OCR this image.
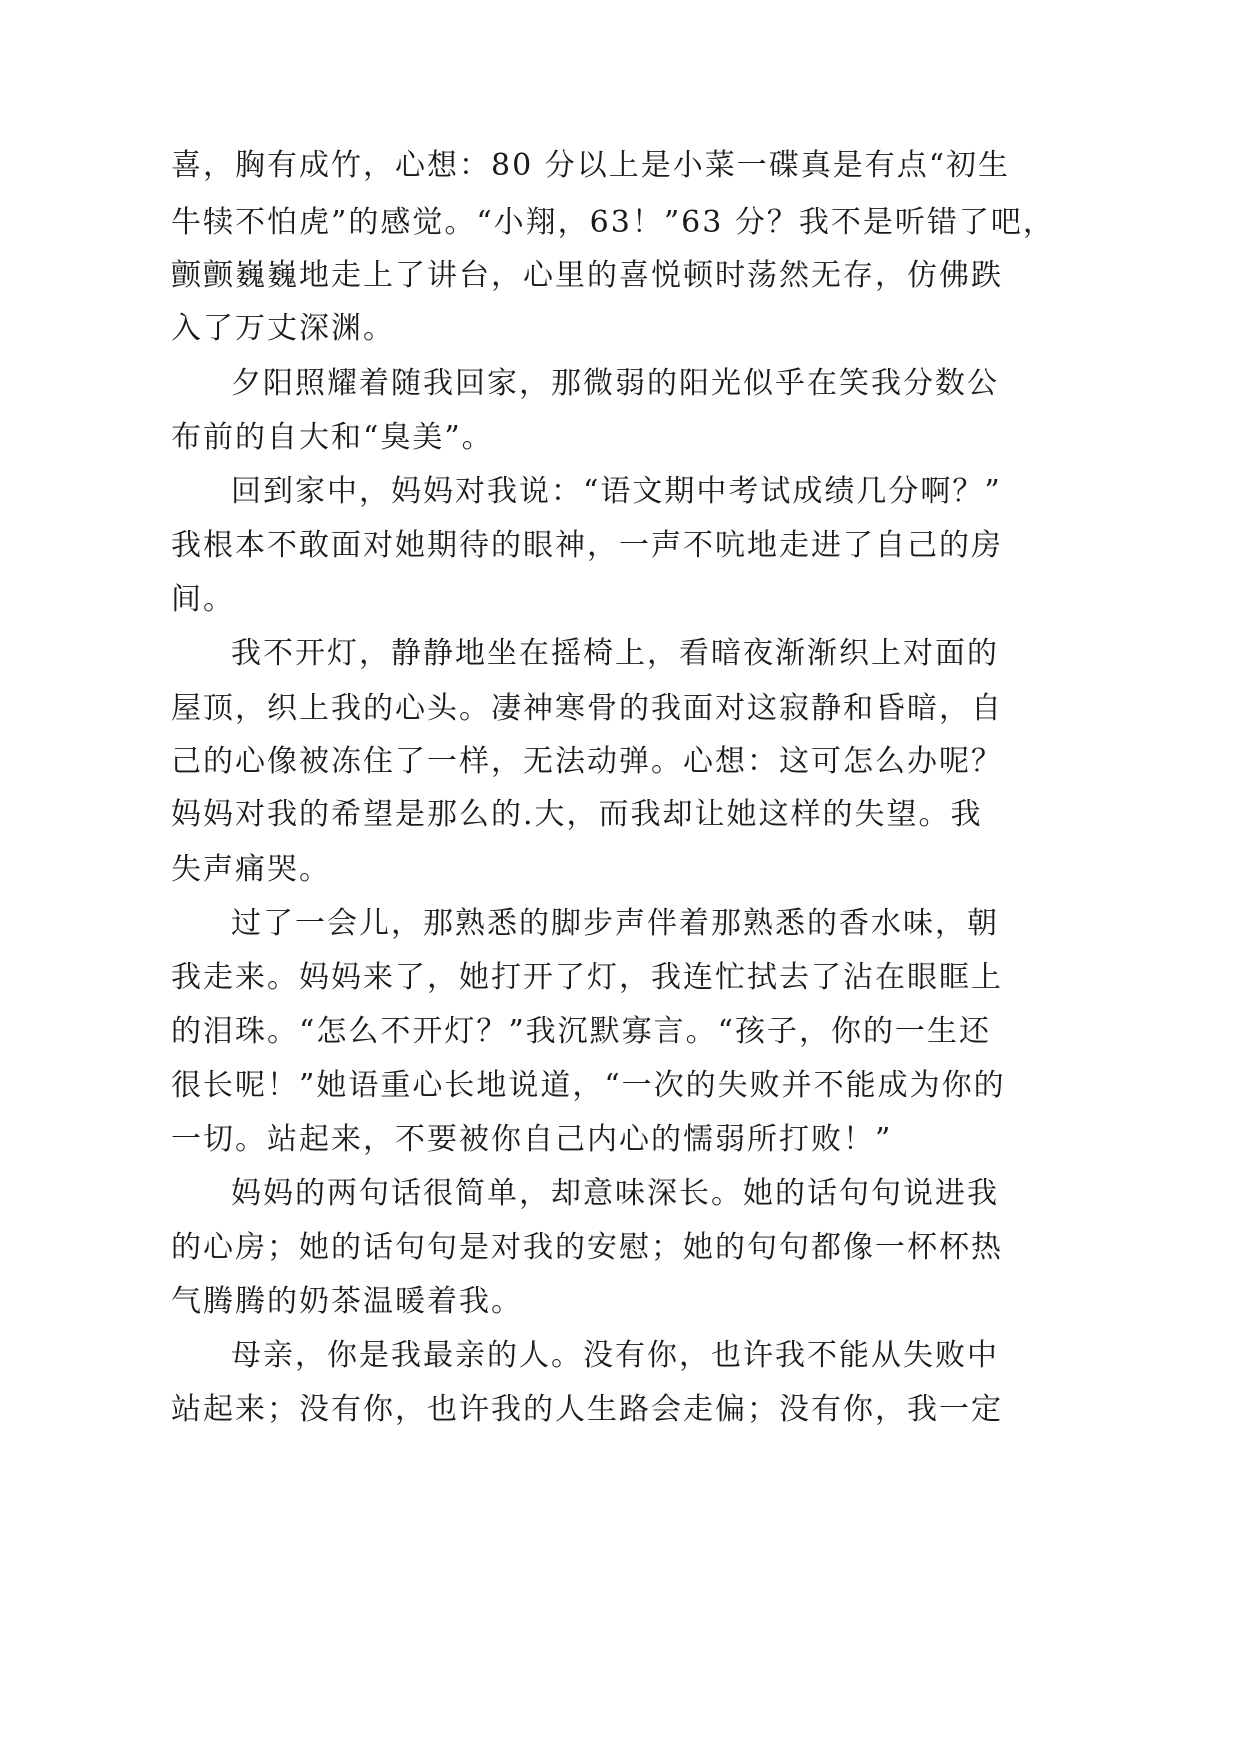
喜，胸有成竹，心想：80 分以上是小菜一碟真是有点“初生
牛犊不怕虎”的感觉。“小翔，63！”63 分？我不是听错了吧，
颤颤巍巍地走上了讲台，心里的喜悦顿时荡然无存，仿佛跌
入了万丈深渊。
夕阳照耀着随我回家，那微弱的阳光似乎在笑我分数公
布前的自大和“臭美”。
回到家中，妈妈对我说：“语文期中考试成绩几分啊？”
我根本不敢面对她期待的眼神，一声不吭地走进了自己的房
间。
我不开灯，静静地坐在摇椅上，看暗夜渐渐织上对面的
屋顶，织上我的心头。凄神寒骨的我面对这寂静和昏暗，自
己的心像被冻住了一样，无法动弹。心想：这可怎么办呢？
妈妈对我的希望是那么的.大，而我却让她这样的失望。我
失声痛哭。
过了一会儿，那熟悉的脚步声伴着那熟悉的香水味，朝
我走来。妈妈来了，她打开了灯，我连忙拭去了沾在眼眶上
的泪珠。“怎么不开灯？”我沉默寡言。“孩子，你的一生还
很长呢！”她语重心长地说道，“一次的失败并不能成为你的
一切。站起来，不要被你自己内心的懦弱所打败！”
妈妈的两句话很简单，却意味深长。她的话句句说进我
的心房；她的话句句是对我的安慰；她的句句都像一杯杯热
气腾腾的奶茶温暖着我。
母亲，你是我最亲的人。没有你，也许我不能从失败中
站起来；没有你，也许我的人生路会走偏；没有你，我一定
